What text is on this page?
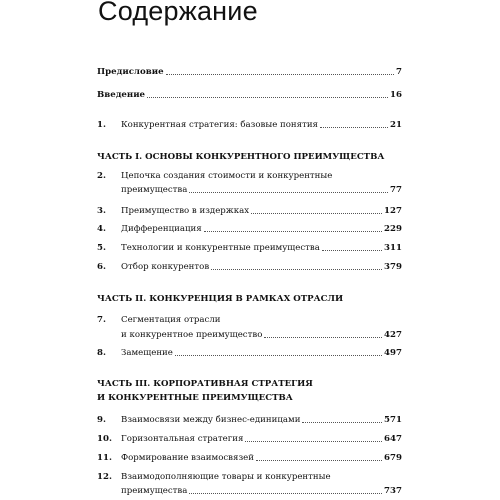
Содержание
Предисловие	7
Введение	16
1.	Конкурентная стратегия: базовые понятия	21
ЧАСТЬ I. ОСНОВЫ КОНКУРЕНТНОГО ПРЕИМУЩЕСТВА
2. Цепочка создания стоимости и конкурентные
преимущества	77
3.	Преимущество в издержках	127
4.	Дифференциация	229
5.	Технологии и конкурентные преимущества	311
6.	Отбор конкурентов	379
ЧАСТЬ II. КОНКУРЕНЦИЯ В РАМКАХ ОТРАСЛИ
7. Сегментация отрасли
и конкурентное преимущество	427
8.	Замещение	497
ЧАСТЬ III. КОРПОРАТИВНАЯ СТРАТЕГИЯ
И КОНКУРЕНТНЫЕ ПРЕИМУЩЕСТВА
9.	Взаимосвязи между бизнес-единицами	571
10.	Горизонтальная стратегия	647
11.	Формирование взаимосвязей	679
12. Взаимодополняющие товары и конкурентные
преимущества	737
